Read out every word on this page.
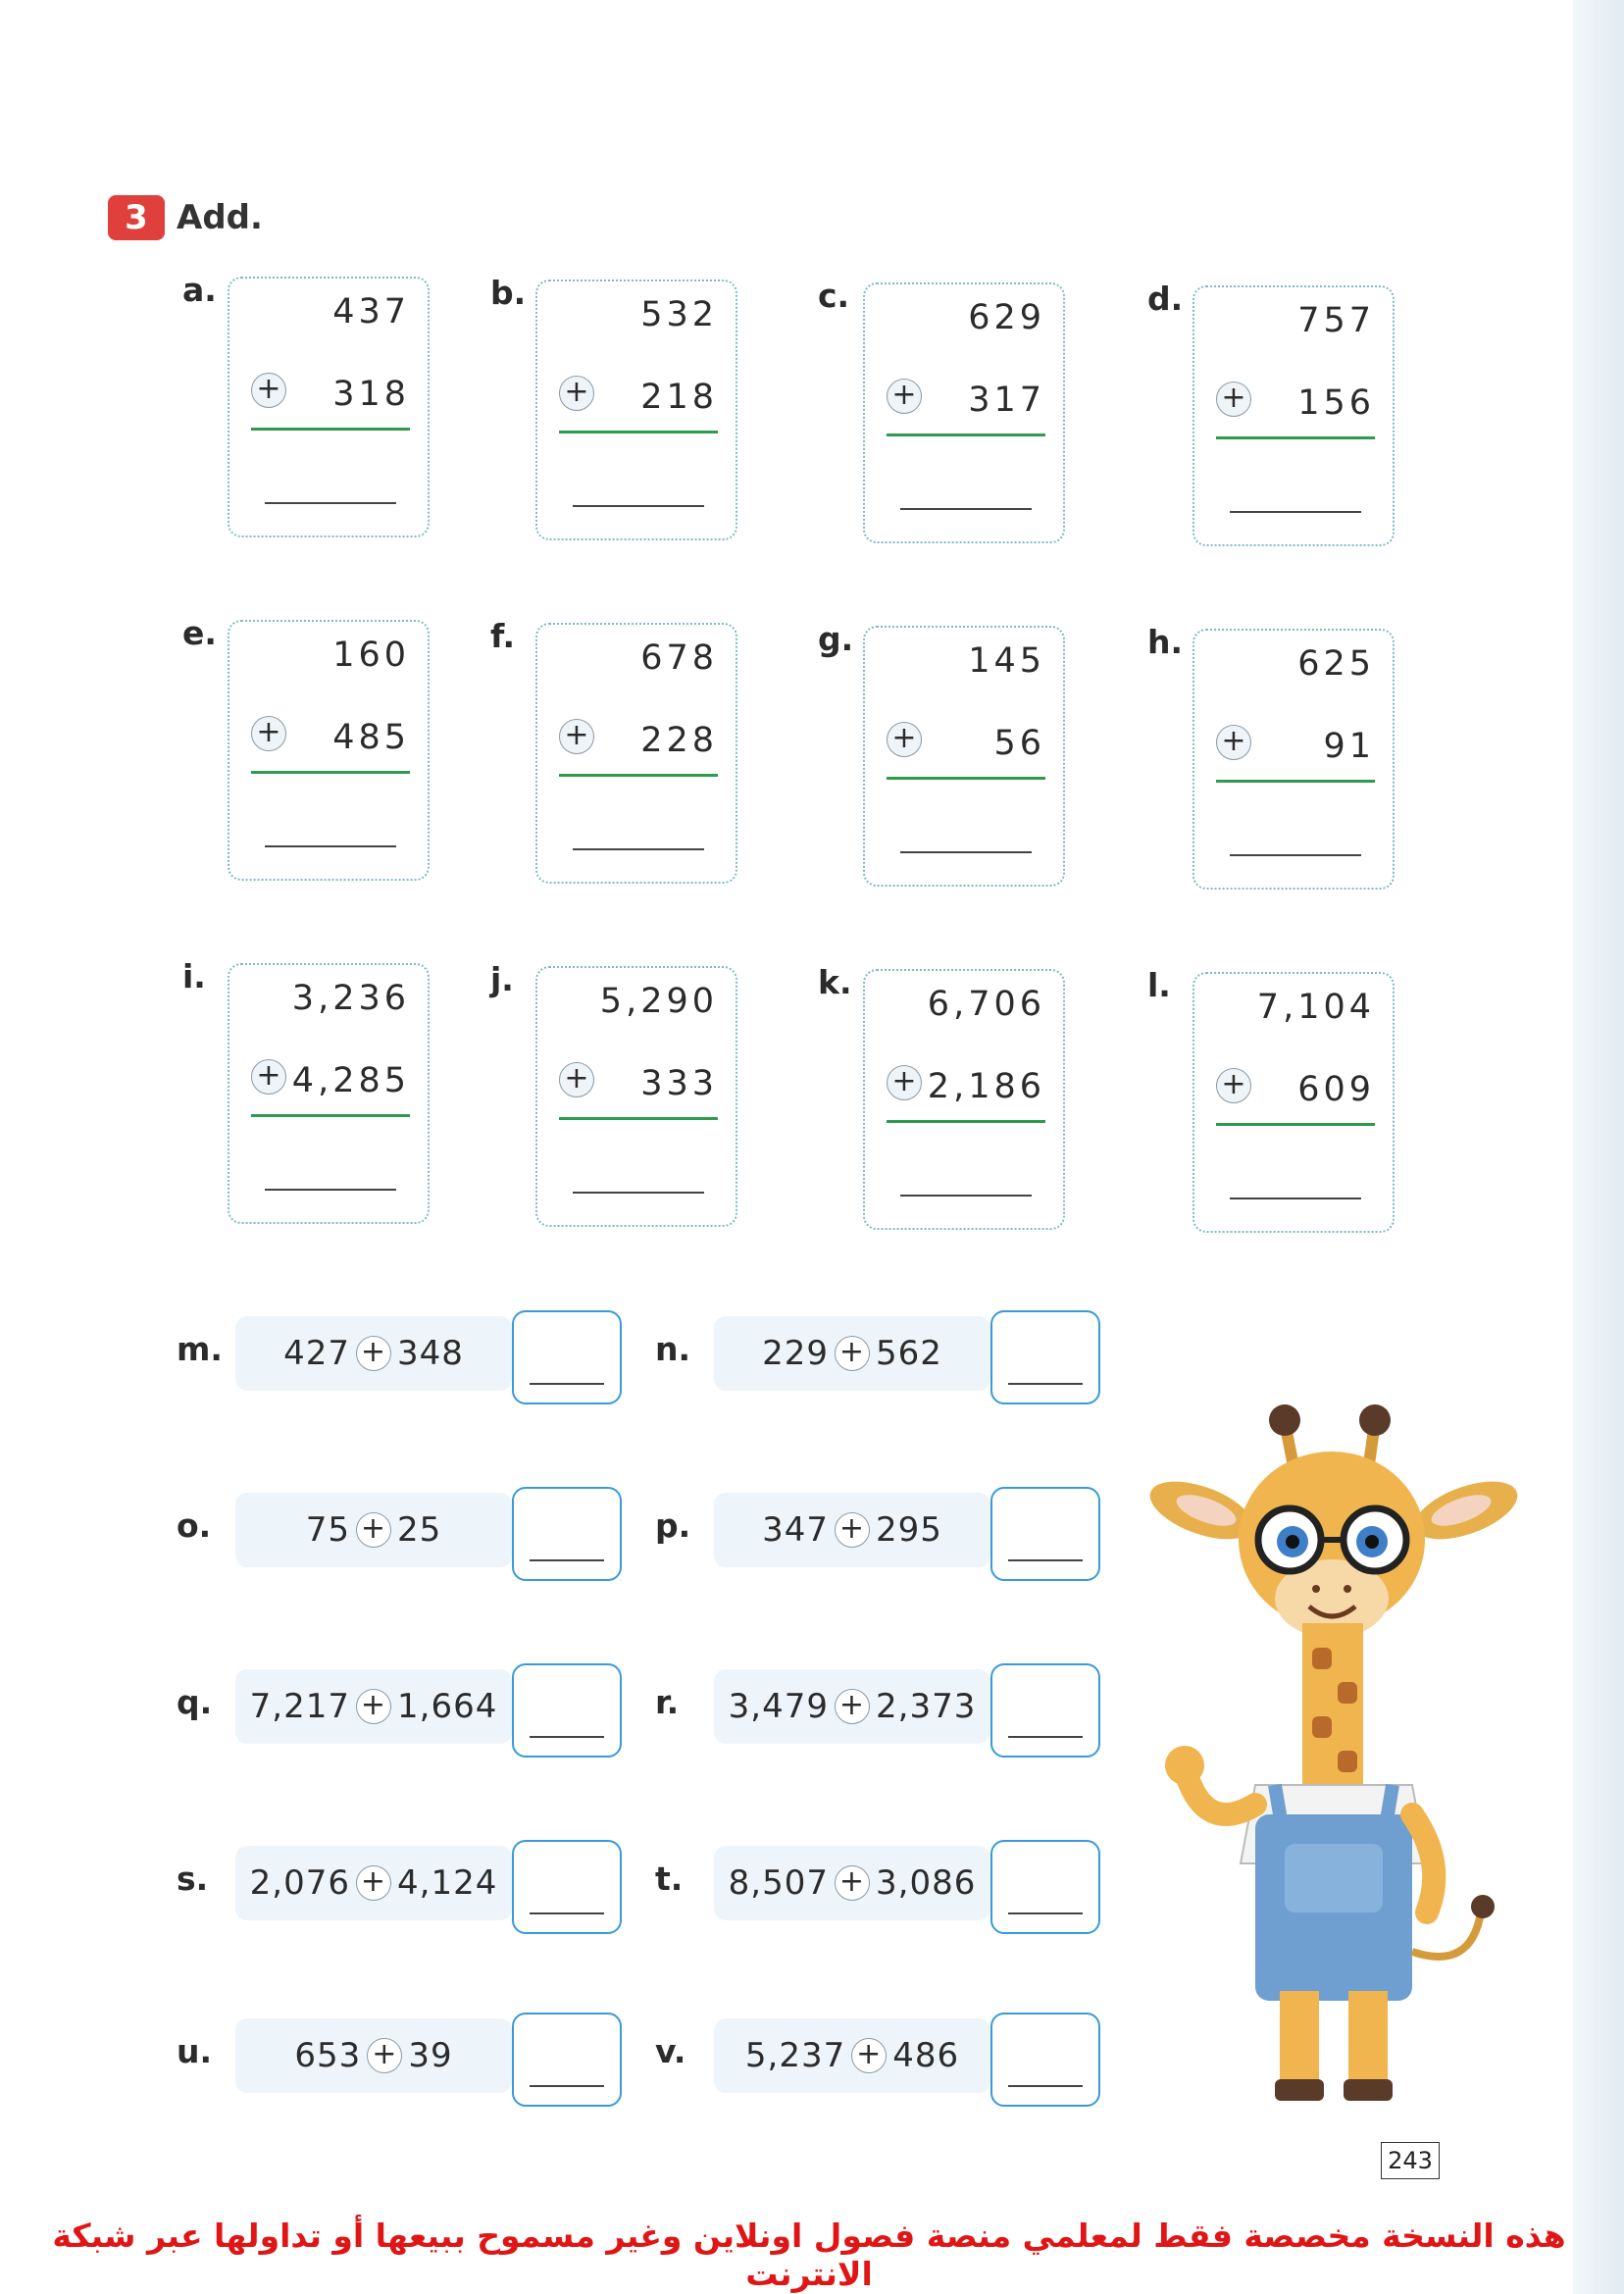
3 Add.
a.
437
+ 318
b.
532
+ 218
c.
629
+ 317
d.
757
+ 156
e.
160
+ 485
f.
678
+ 228
g.
145
+ 56
h.
625
+ 91
i.
3,236
+ 4,285
j.
5,290
+ 333
k.
6,706
+ 2,186
l.
7,104
+ 609
m. 427 + 348	n. 229 + 562
o.	75 + 25	p. 347 + 295
q. 7,217 + 1,664	r. 3,479 + 2,373
s. 2,076 + 4,124	t. 8,507 + 3,086
u. 653 + 39	v. 5,237 + 486
243
هذه النسخة مخصصة فقط لمعلمي منصة فصول اونلاين وغير مسموح ببيعها أو تداولها عبر شبكة الانترنت
